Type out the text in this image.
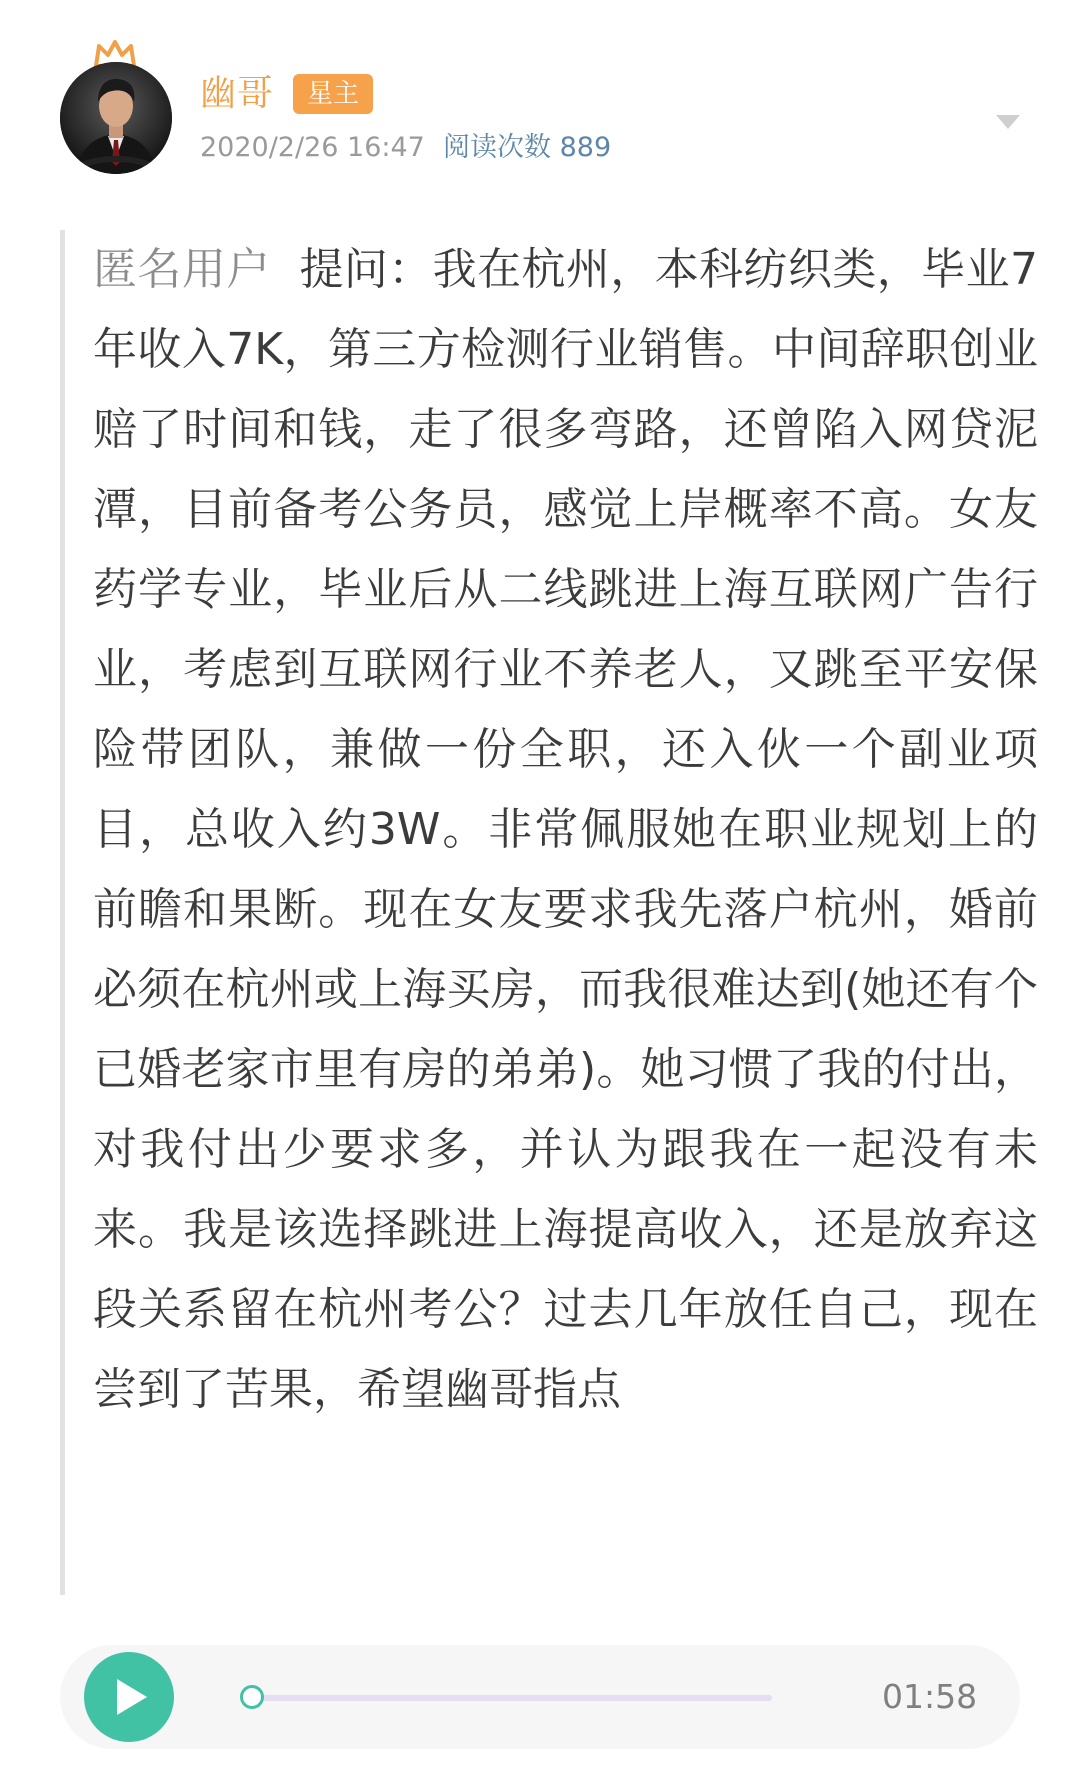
幽哥	星主
2020/2/26 16:47 阅读次数 889

匿名用户 提问：我在杭州，本科纺织类，毕业7年收入7K，第三方检测行业销售。中间辞职创业赔了时间和钱，走了很多弯路，还曾陷入网贷泥潭，目前备考公务员，感觉上岸概率不高。女友药学专业，毕业后从二线跳进上海互联网广告行业，考虑到互联网行业不养老人，又跳至平安保险带团队，兼做一份全职，还入伙一个副业项目，总收入约3W。非常佩服她在职业规划上的前瞻和果断。现在女友要求我先落户杭州，婚前必须在杭州或上海买房，而我很难达到(她还有个已婚老家市里有房的弟弟)。她习惯了我的付出，对我付出少要求多，并认为跟我在一起没有未来。我是该选择跳进上海提高收入，还是放弃这段关系留在杭州考公？过去几年放任自己，现在尝到了苦果，希望幽哥指点

01:58
